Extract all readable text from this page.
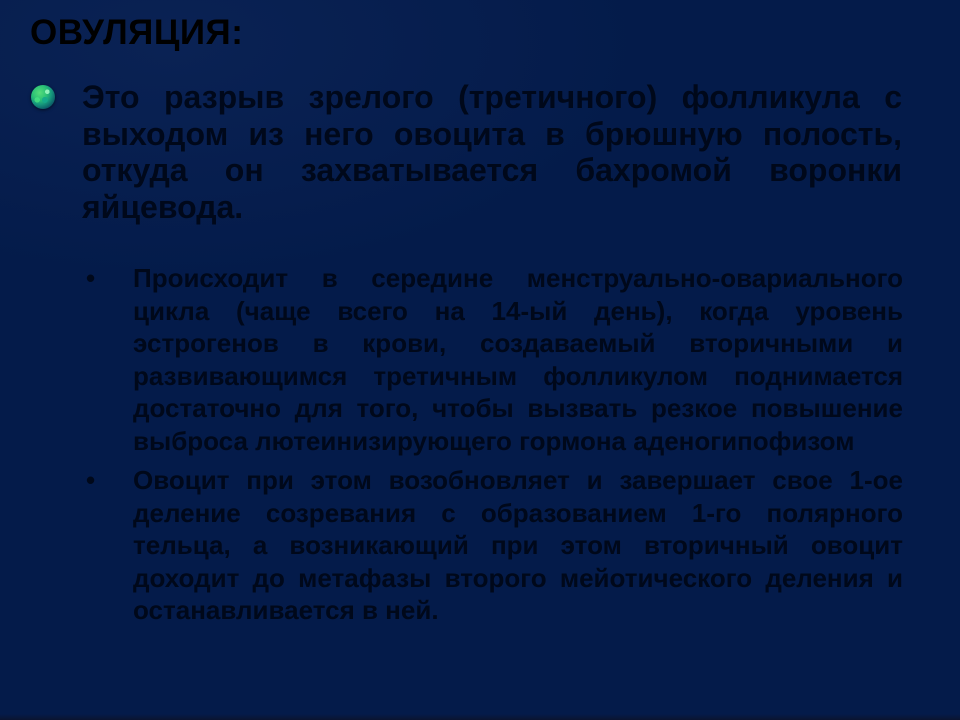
ОВУЛЯЦИЯ:
Это разрыв зрелого (третичного) фолликула с
выходом из него овоцита в брюшную полость,
откуда он захватывается бахромой воронки
яйцевода.
•	Происходит в середине менструально-овариального
цикла (чаще всего на 14-ый день), когда уровень
эстрогенов в крови, создаваемый вторичными и
развивающимся третичным фолликулом поднимается
достаточно для того, чтобы вызвать резкое повышение
выброса лютеинизирующего гормона аденогипофизом
•	Овоцит при этом возобновляет и завершает свое 1-ое
деление созревания с образованием 1-го полярного
тельца, а возникающий при этом вторичный овоцит
доходит до метафазы второго мейотического деления и
останавливается в ней.
